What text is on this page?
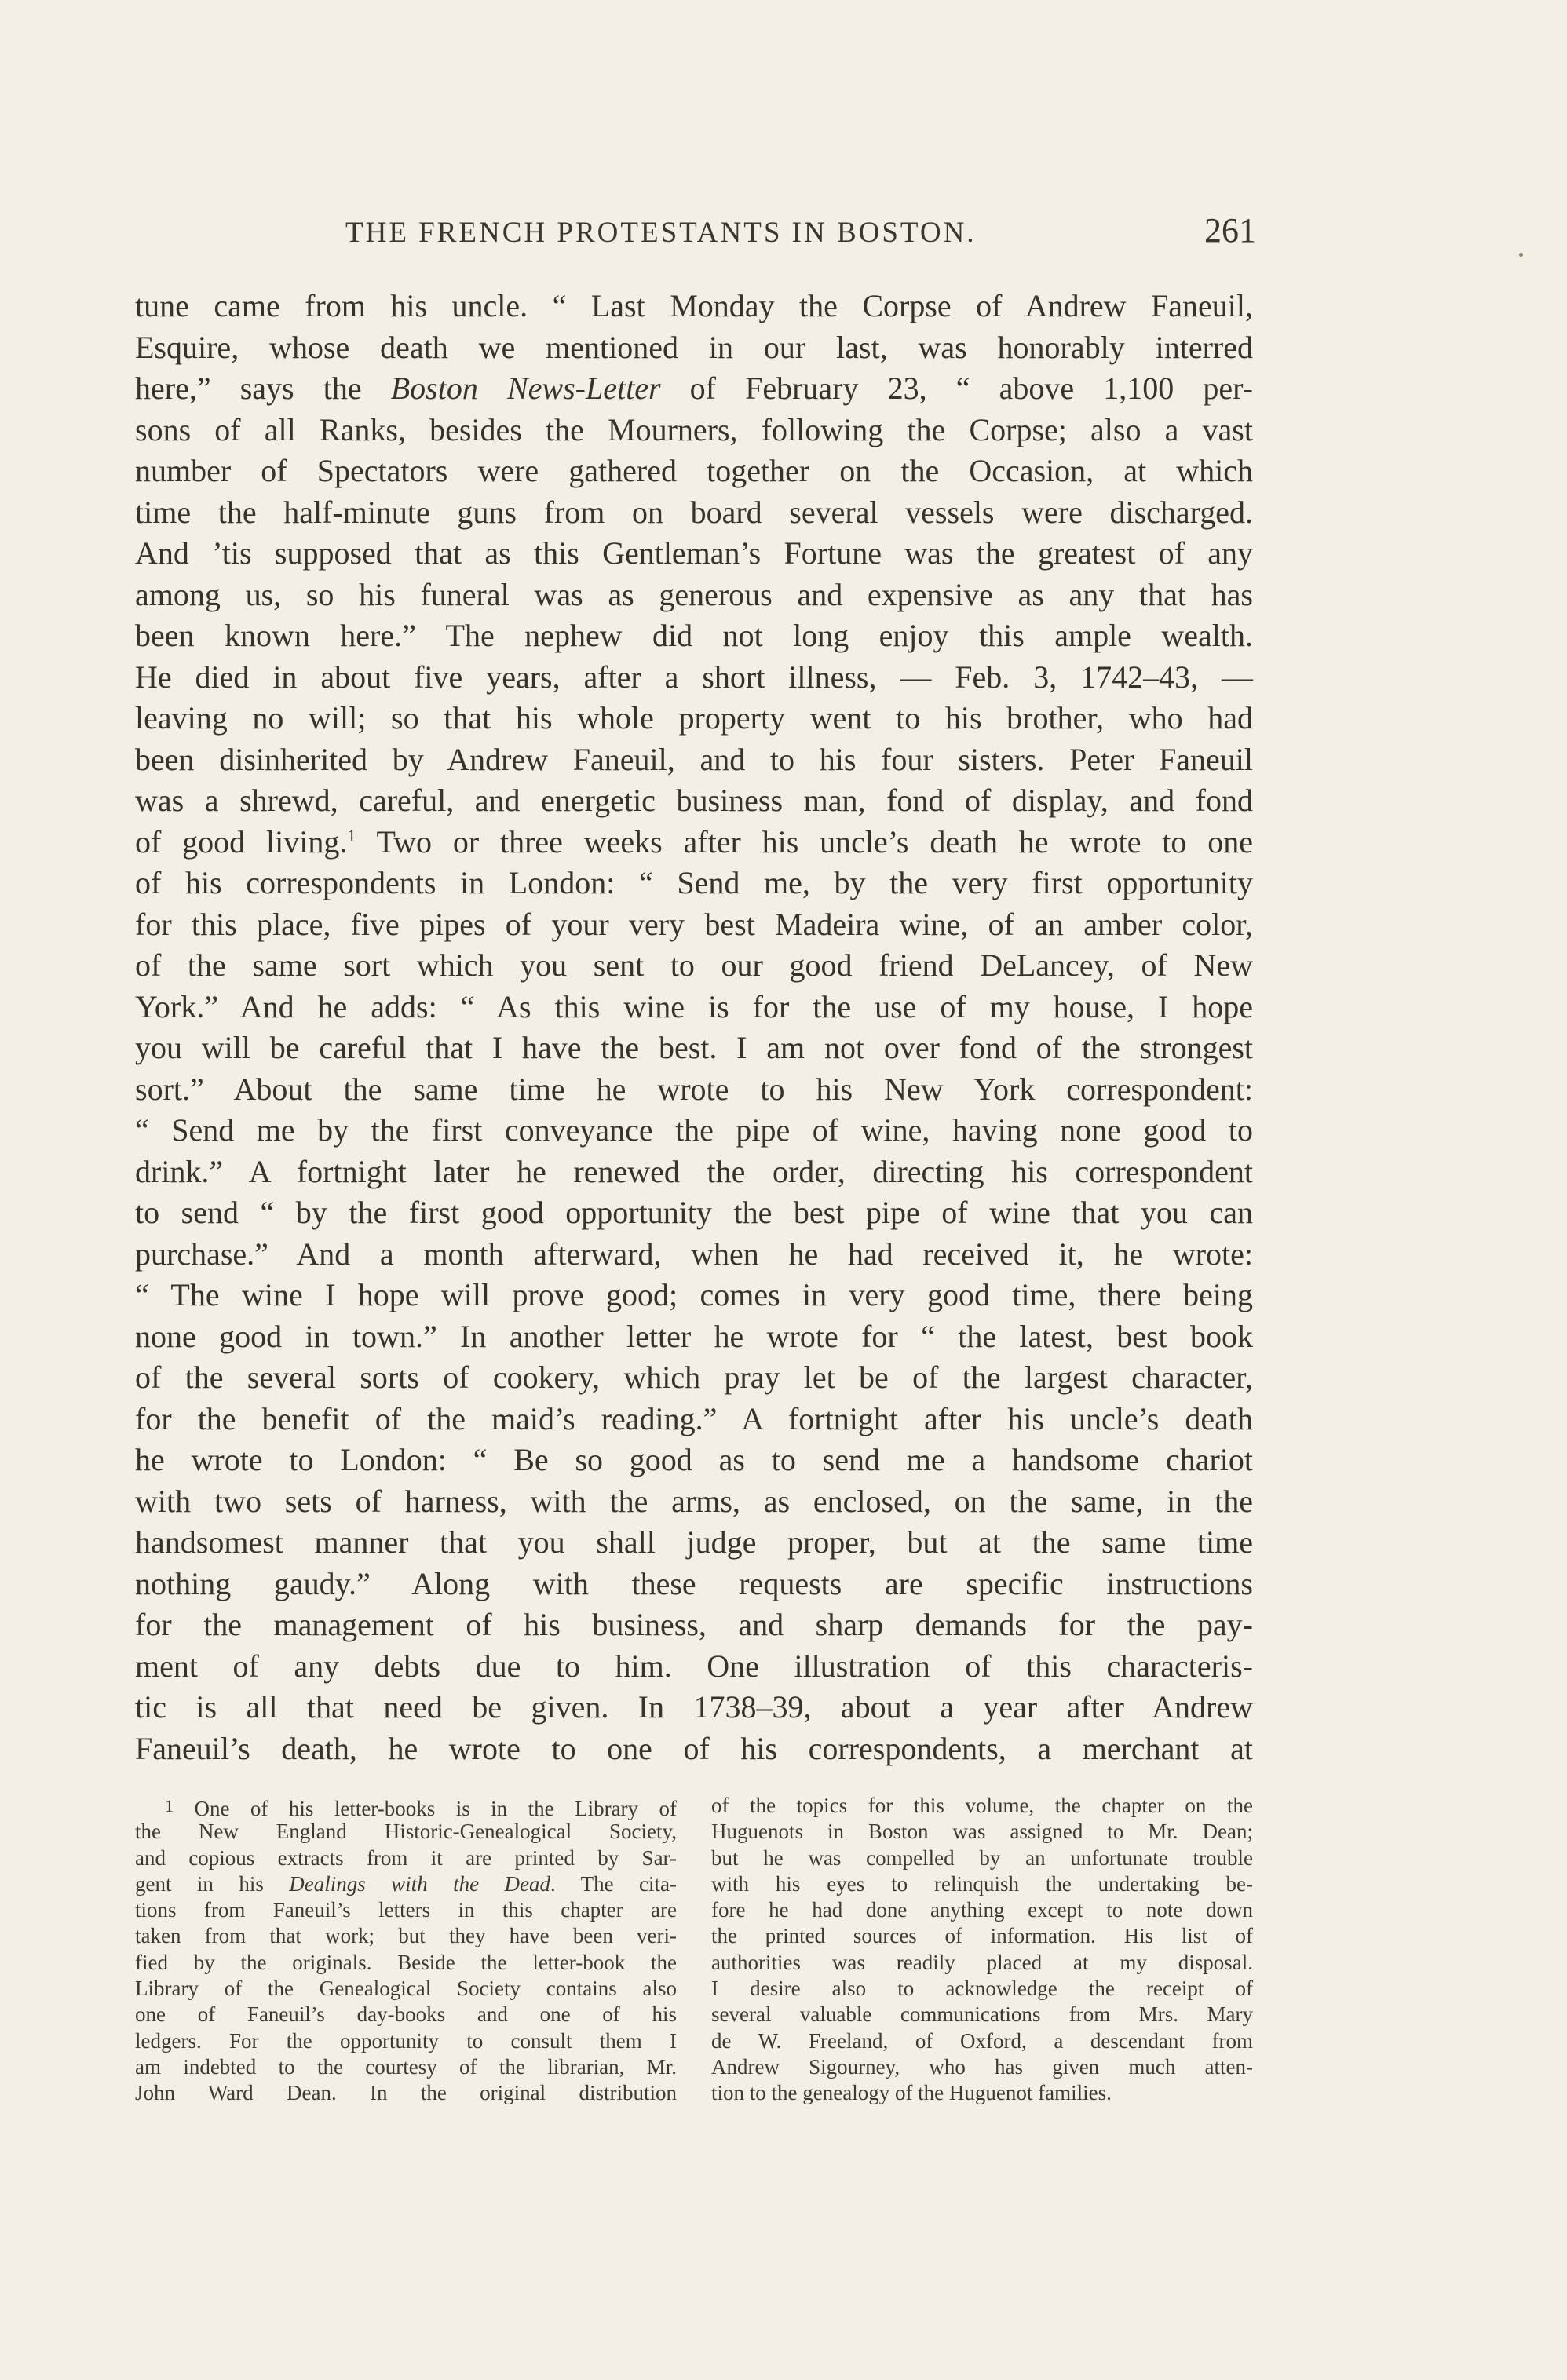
THE FRENCH PROTESTANTS IN BOSTON.	261

tune came from his uncle. “ Last Monday the Corpse of Andrew Faneuil,

Esquire, whose death we mentioned in our last, was honorably interred

here,” says the Boston News-Letter of February 23, “ above 1,100 per-

sons of all Ranks, besides the Mourners, following the Corpse; also a vast

number of Spectators were gathered together on the Occasion, at which

time the half-minute guns from on board several vessels were discharged.

And ’tis supposed that as this Gentleman’s Fortune was the greatest of any

among us, so his funeral was as generous and expensive as any that has

been known here.” The nephew did not long enjoy this ample wealth.

He died in about five years, after a short illness, — Feb. 3, 1742–43, —

leaving no will; so that his whole property went to his brother, who had

been disinherited by Andrew Faneuil, and to his four sisters. Peter Faneuil

was a shrewd, careful, and energetic business man, fond of display, and fond

of good living.$^1$ Two or three weeks after his uncle’s death he wrote to one

of his correspondents in London: “ Send me, by the very first opportunity

for this place, five pipes of your very best Madeira wine, of an amber color,

of the same sort which you sent to our good friend DeLancey, of New

York.” And he adds: “ As this wine is for the use of my house, I hope

you will be careful that I have the best. I am not over fond of the strongest

sort.” About the same time he wrote to his New York correspondent:

“ Send me by the first conveyance the pipe of wine, having none good to

drink.” A fortnight later he renewed the order, directing his correspondent

to send “ by the first good opportunity the best pipe of wine that you can

purchase.” And a month afterward, when he had received it, he wrote:

“ The wine I hope will prove good; comes in very good time, there being

none good in town.” In another letter he wrote for “ the latest, best book

of the several sorts of cookery, which pray let be of the largest character,

for the benefit of the maid’s reading.” A fortnight after his uncle’s death

he wrote to London: “ Be so good as to send me a handsome chariot

with two sets of harness, with the arms, as enclosed, on the same, in the

handsomest manner that you shall judge proper, but at the same time

nothing gaudy.” Along with these requests are specific instructions

for the management of his business, and sharp demands for the pay-

ment of any debts due to him. One illustration of this characteris-

tic is all that need be given. In 1738–39, about a year after Andrew

Faneuil’s death, he wrote to one of his correspondents, a merchant at

1 One of his letter-books is in the Library of

the New England Historic-Genealogical Society,

and copious extracts from it are printed by Sar-

gent in his Dealings with the Dead. The cita-

tions from Faneuil’s letters in this chapter are

taken from that work; but they have been veri-

fied by the originals. Beside the letter-book the

Library of the Genealogical Society contains also

one of Faneuil’s day-books and one of his

ledgers. For the opportunity to consult them I

am indebted to the courtesy of the librarian, Mr.

John Ward Dean. In the original distribution

of the topics for this volume, the chapter on the

Huguenots in Boston was assigned to Mr. Dean;

but he was compelled by an unfortunate trouble

with his eyes to relinquish the undertaking be-

fore he had done anything except to note down

the printed sources of information. His list of

authorities was readily placed at my disposal.

I desire also to acknowledge the receipt of

several valuable communications from Mrs. Mary

de W. Freeland, of Oxford, a descendant from

Andrew Sigourney, who has given much atten-

tion to the genealogy of the Huguenot families.
